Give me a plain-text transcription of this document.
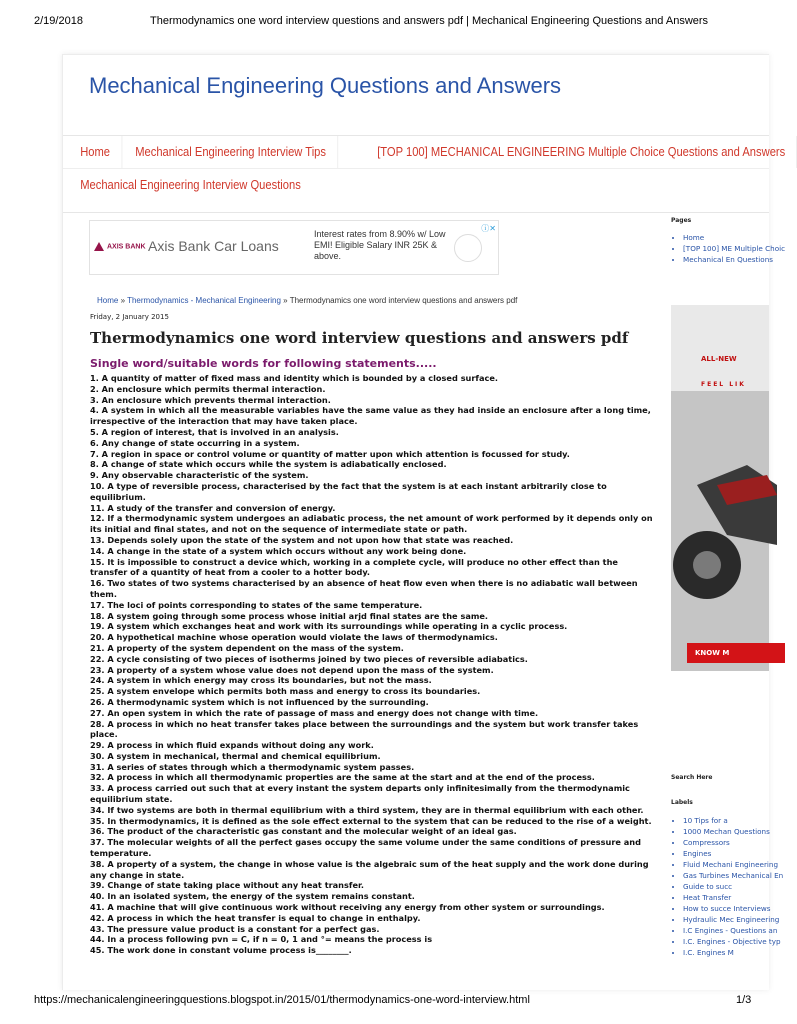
2/19/2018	Thermodynamics one word interview questions and answers pdf | Mechanical Engineering Questions and Answers
Mechanical Engineering Questions and Answers
Home	Mechanical Engineering Interview Tips	[TOP 100] MECHANICAL ENGINEERING Multiple Choice Questions and Answers
Mechanical Engineering Interview Questions
AXIS BANK Axis Bank Car Loans
Interest rates from 8.90% w/ Low EMI! Eligible Salary INR 25K & above.
ⓘ✕
Home » Thermodynamics - Mechanical Engineering » Thermodynamics one word interview questions and answers pdf
Friday, 2 January 2015
Thermodynamics one word interview questions and answers pdf
Single word/suitable words for following statements.....
1. A quantity of matter of fixed mass and identity which is bounded by a closed surface.
2. An enclosure which permits thermal interaction.
3. An enclosure which prevents thermal interaction.
4. A system in which all the measurable variables have the same value as they had inside an enclosure after a long time, irrespective of the interaction that may have taken place.
5. A region of interest, that is involved in an analysis.
6. Any change of state occurring in a system.
7. A region in space or control volume or quantity of matter upon which attention is focussed for study.
8. A change of state which occurs while the system is adiabatically enclosed.
9. Any observable characteristic of the system.
10. A type of reversible process, characterised by the fact that the system is at each instant arbitrarily close to equilibrium.
11. A study of the transfer and conversion of energy.
12. If a thermodynamic system undergoes an adiabatic process, the net amount of work performed by it depends only on its initial and final states, and not on the sequence of intermediate state or path.
13. Depends solely upon the state of the system and not upon how that state was reached.
14. A change in the state of a system which occurs without any work being done.
15. It is impossible to construct a device which, working in a complete cycle, will produce no other effect than the transfer of a quantity of heat from a cooler to a hotter body.
16. Two states of two systems characterised by an absence of heat flow even when there is no adiabatic wall between them.
17. The loci of points corresponding to states of the same temperature.
18. A system going through some process whose initial arjd final states are the same.
19. A system which exchanges heat and work with its surroundings while operating in a cyclic process.
20. A hypothetical machine whose operation would violate the laws of thermodynamics.
21. A property of the system dependent on the mass of the system.
22. A cycle consisting of two pieces of isotherms joined by two pieces of reversible adiabatics.
23. A property of a system whose value does not depend upon the mass of the system.
24. A system in which energy may cross its boundaries, but not the mass.
25. A system envelope which permits both mass and energy to cross its boundaries.
26. A thermodynamic system which is not influenced by the surrounding.
27. An open system in which the rate of passage of mass and energy does not change with time.
28. A process in which no heat transfer takes place between the surroundings and the system but work transfer takes place.
29. A process in which fluid expands without doing any work.
30. A system in mechanical, thermal and chemical equilibrium.
31. A series of states through which a thermodynamic system passes.
32. A process in which all thermodynamic properties are the same at the start and at the end of the process.
33. A process carried out such that at every instant the system departs only infinitesimally from the thermodynamic equilibrium state.
34. If two systems are both in thermal equilibrium with a third system, they are in thermal equilibrium with each other.
35. In thermodynamics, it is defined as the sole effect external to the system that can be reduced to the rise of a weight.
36. The product of the characteristic gas constant and the molecular weight of an ideal gas.
37. The molecular weights of all the perfect gases occupy the same volume under the same conditions of pressure and temperature.
38. A property of a system, the change in whose value is the algebraic sum of the heat supply and the work done during any change in state.
39. Change of state taking place without any heat transfer.
40. In an isolated system, the energy of the system remains constant.
41. A machine that will give continuous work without receiving any energy from other system or surroundings.
42. A process in which the heat transfer is equal to change in enthalpy.
43. The pressure value product is a constant for a perfect gas.
44. In a process following pvn = C, if n = 0, 1 and °= means the process is
45. The work done in constant volume process is________.
Pages
• Home
• [TOP 100] ME Multiple Choic
• Mechanical En Questions
ALL-NEW
FEEL LIK
KNOW M
Search Here
Labels
• 10 Tips for a
• 1000 Mechan Questions
• Compressors
• Engines
• Fluid Mechani Engineering
• Gas Turbines Mechanical En
• Guide to succ
• Heat Transfer
• How to succe Interviews
• Hydraulic Mec Engineering
• I.C Engines - Questions an
• I.C. Engines - Objective typ
• I.C. Engines M
https://mechanicalengineeringquestions.blogspot.in/2015/01/thermodynamics-one-word-interview.html	1/3
